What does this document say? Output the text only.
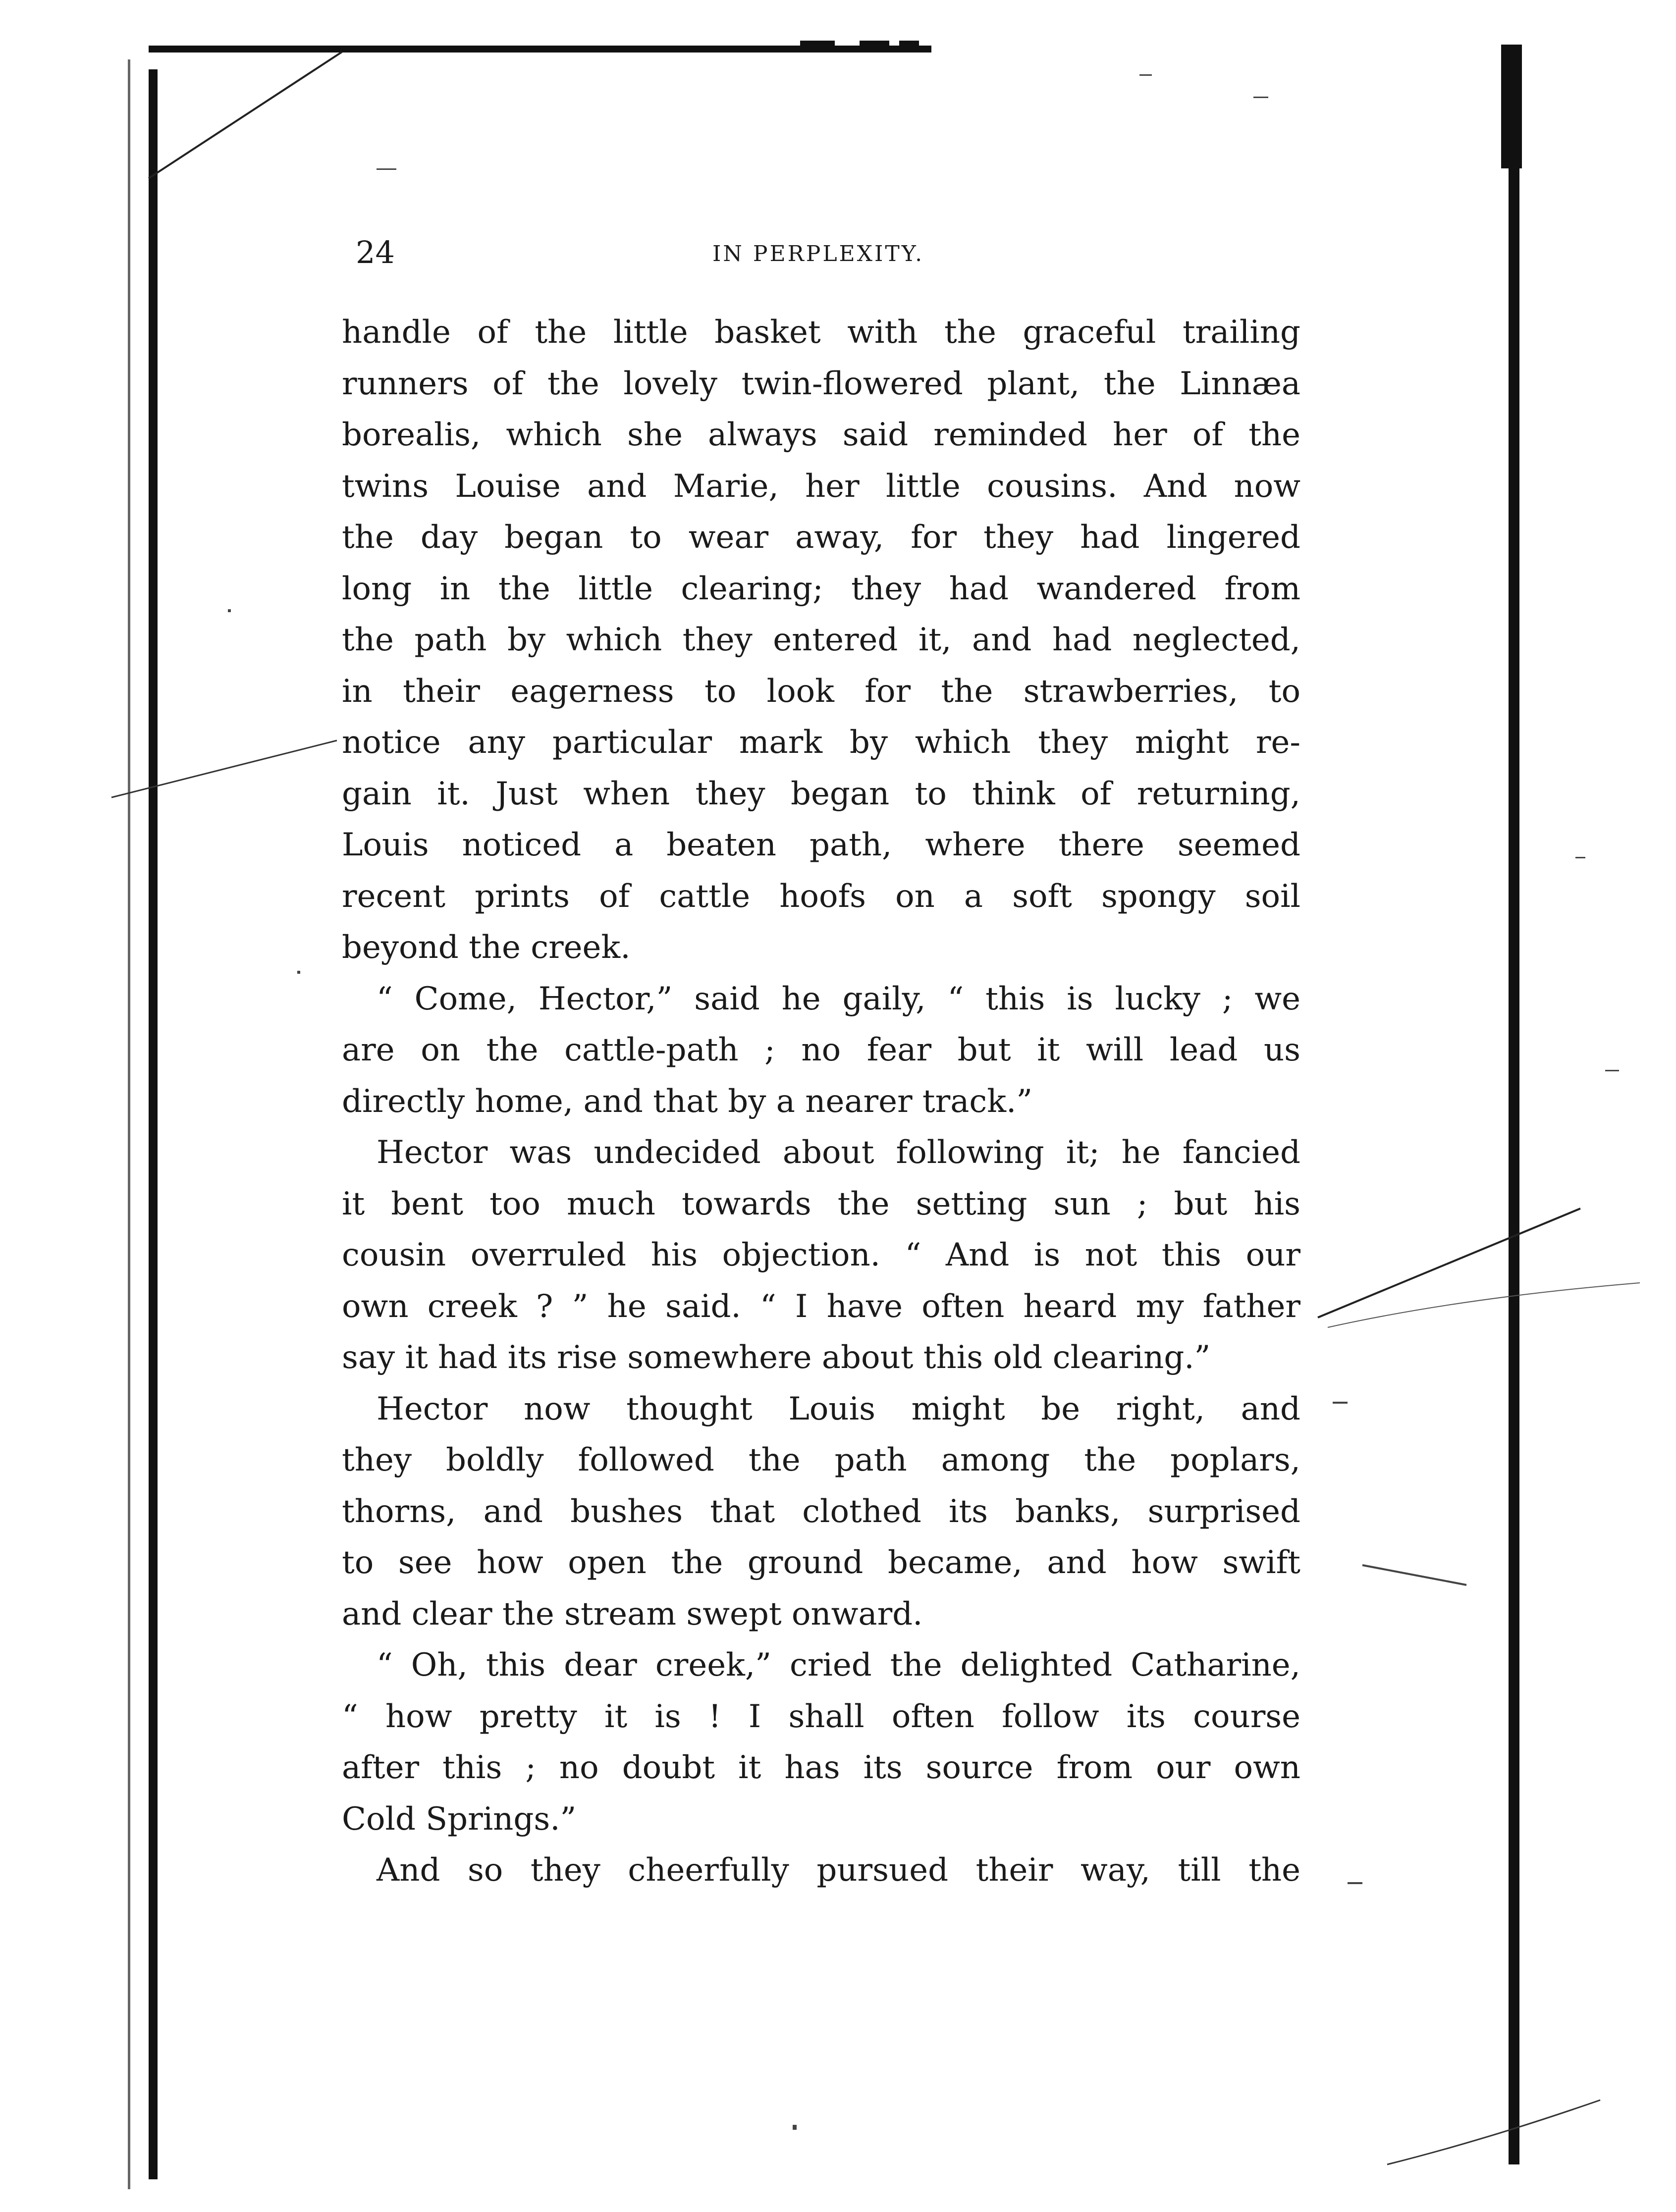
24	IN PERPLEXITY.
handle of the little basket with the graceful trailing
runners of the lovely twin-flowered plant, the Linnæa
borealis, which she always said reminded her of the
twins Louise and Marie, her little cousins. And now
the day began to wear away, for they had lingered
long in the little clearing; they had wandered from
the path by which they entered it, and had neglected,
in their eagerness to look for the strawberries, to
notice any particular mark by which they might re-
gain it. Just when they began to think of returning,
Louis noticed a beaten path, where there seemed
recent prints of cattle hoofs on a soft spongy soil
beyond the creek.
“ Come, Hector,” said he gaily, “ this is lucky ; we
are on the cattle-path ; no fear but it will lead us
directly home, and that by a nearer track.”
Hector was undecided about following it; he fancied
it bent too much towards the setting sun ; but his
cousin overruled his objection. “ And is not this our
own creek ? ” he said. “ I have often heard my father
say it had its rise somewhere about this old clearing.”
Hector now thought Louis might be right, and
they boldly followed the path among the poplars,
thorns, and bushes that clothed its banks, surprised
to see how open the ground became, and how swift
and clear the stream swept onward.
“ Oh, this dear creek,” cried the delighted Catharine,
“ how pretty it is ! I shall often follow its course
after this ; no doubt it has its source from our own
Cold Springs.”
And so they cheerfully pursued their way, till the
